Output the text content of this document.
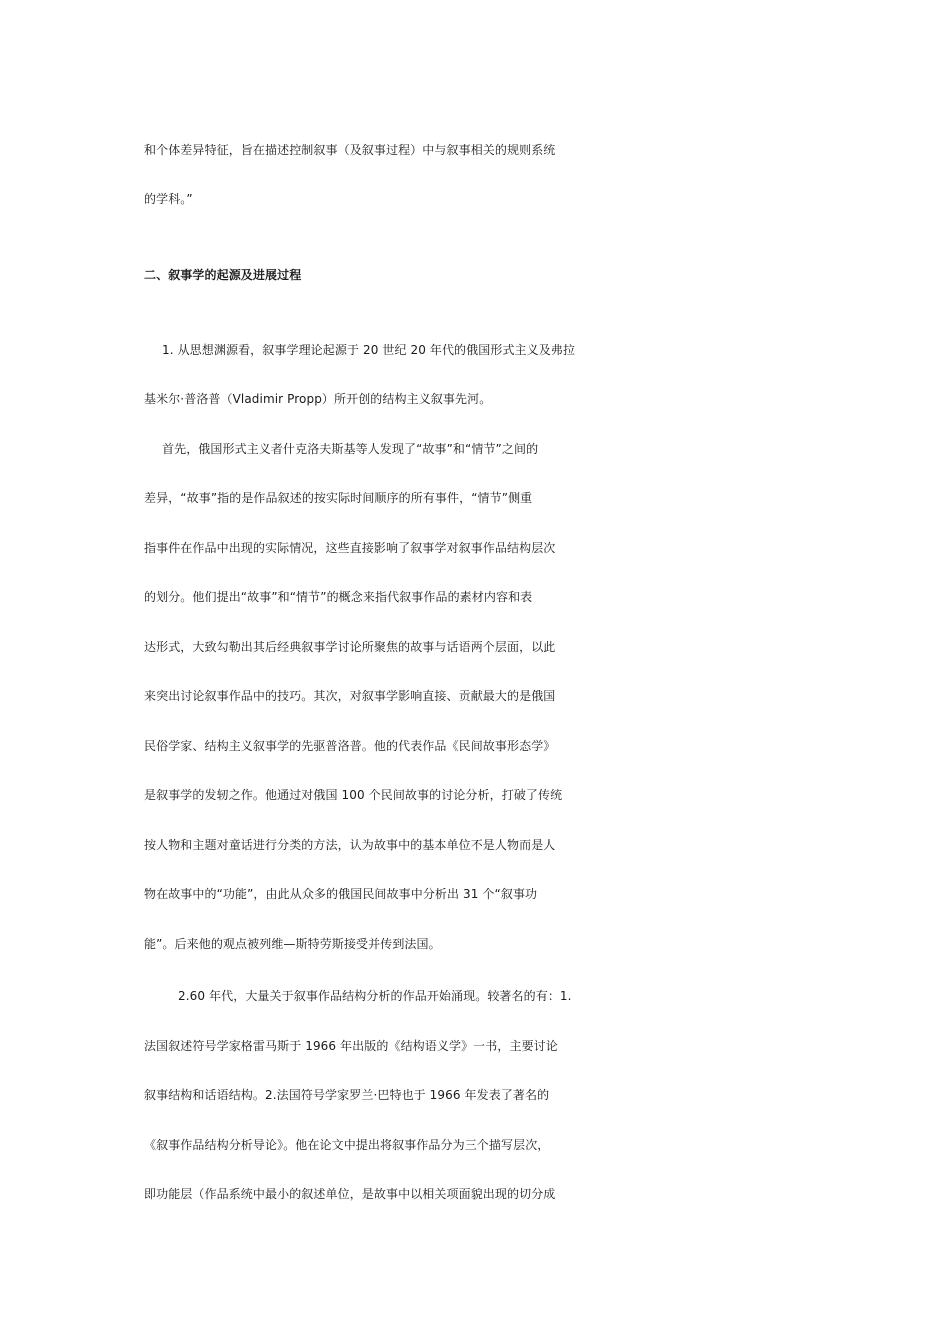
和个体差异特征，旨在描述控制叙事（及叙事过程）中与叙事相关的规则系统
的学科。”
二、叙事学的起源及进展过程
1. 从思想渊源看，叙事学理论起源于 20 世纪 20 年代的俄国形式主义及弗拉
基米尔·普洛普（Vladimir Propp）所开创的结构主义叙事先河。
首先，俄国形式主义者什克洛夫斯基等人发现了“故事”和“情节”之间的
差异，“故事”指的是作品叙述的按实际时间顺序的所有事件，“情节”侧重
指事件在作品中出现的实际情况，这些直接影响了叙事学对叙事作品结构层次
的划分。他们提出“故事”和“情节”的概念来指代叙事作品的素材内容和表
达形式，大致勾勒出其后经典叙事学讨论所聚焦的故事与话语两个层面，以此
来突出讨论叙事作品中的技巧。其次，对叙事学影响直接、贡献最大的是俄国
民俗学家、结构主义叙事学的先驱普洛普。他的代表作品《民间故事形态学》
是叙事学的发轫之作。他通过对俄国 100 个民间故事的讨论分析，打破了传统
按人物和主题对童话进行分类的方法，认为故事中的基本单位不是人物而是人
物在故事中的“功能”，由此从众多的俄国民间故事中分析出 31 个“叙事功
能”。后来他的观点被列维—斯特劳斯接受并传到法国。
2.60 年代，大量关于叙事作品结构分析的作品开始涌现。较著名的有：1.
法国叙述符号学家格雷马斯于 1966 年出版的《结构语义学》一书，主要讨论
叙事结构和话语结构。2.法国符号学家罗兰·巴特也于 1966 年发表了著名的
《叙事作品结构分析导论》。他在论文中提出将叙事作品分为三个描写层次，
即功能层（作品系统中最小的叙述单位，是故事中以相关项面貌出现的切分成
